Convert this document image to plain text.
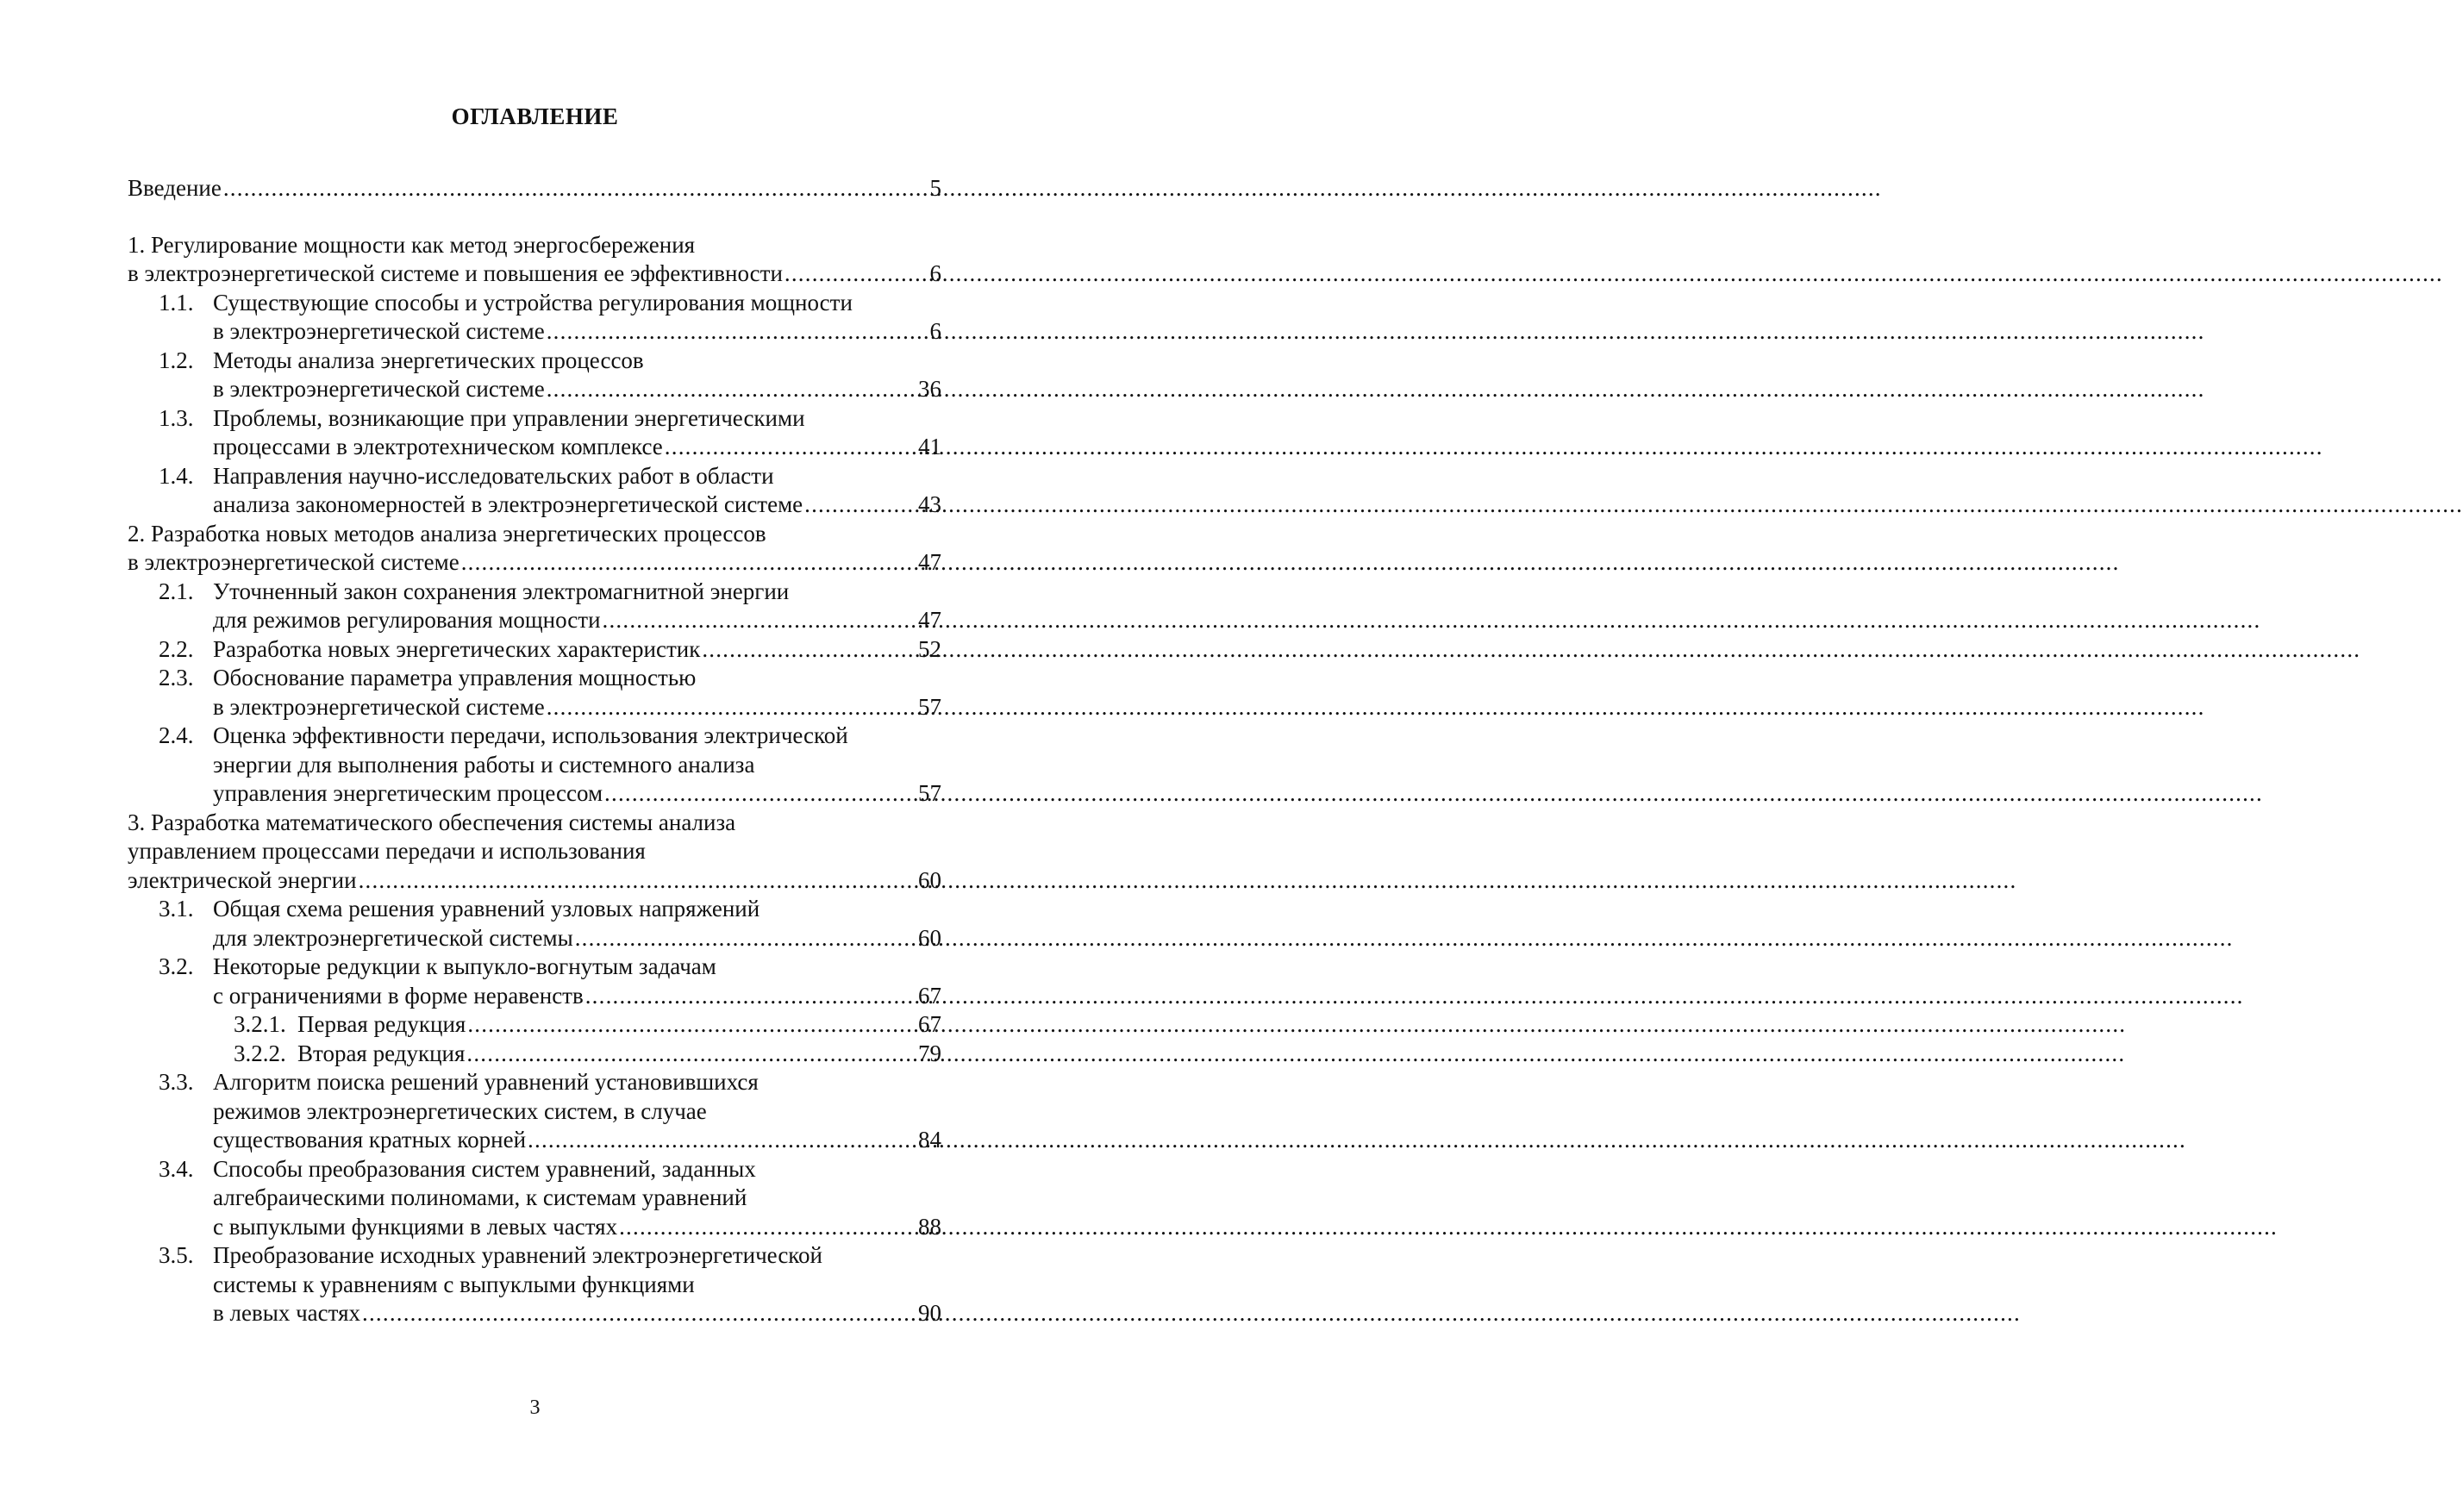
ОГЛАВЛЕНИЕ
Введение .....	5
1. Регулирование мощности как метод энергосбережения
в электроэнергетической системе и повышения ее эффективности .....	6
1.1. Существующие способы и устройства регулирования мощности
в электроэнергетической системе .....	6
1.2. Методы анализа энергетических процессов
в электроэнергетической системе .....	36
1.3. Проблемы, возникающие при управлении энергетическими
процессами в электротехническом комплексе .....	41
1.4. Направления научно-исследовательских работ в области
анализа закономерностей в электроэнергетической системе .....	43
2. Разработка новых методов анализа энергетических процессов
в электроэнергетической системе .....	47
2.1. Уточненный закон сохранения электромагнитной энергии
для режимов регулирования мощности .....	47
2.2. Разработка новых энергетических характеристик .....	52
2.3. Обоснование параметра управления мощностью
в электроэнергетической системе .....	57
2.4. Оценка эффективности передачи, использования электрической
энергии для выполнения работы и системного анализа
управления энергетическим процессом .....	57
3. Разработка математического обеспечения системы анализа
управлением процессами передачи и использования
электрической энергии .....	60
3.1. Общая схема решения уравнений узловых напряжений
для электроэнергетической системы .....	60
3.2. Некоторые редукции к выпукло-вогнутым задачам
с ограничениями в форме неравенств .....	67
3.2.1. Первая редукция .....	67
3.2.2. Вторая редукция .....	79
3.3. Алгоритм поиска решений уравнений установившихся
режимов электроэнергетических систем, в случае
существования кратных корней .....	84
3.4. Способы преобразования систем уравнений, заданных
алгебраическими полиномами, к системам уравнений
с выпуклыми функциями в левых частях .....	88
3.5. Преобразование исходных уравнений электроэнергетической
системы к уравнениям с выпуклыми функциями
в левых частях .....	90
3
